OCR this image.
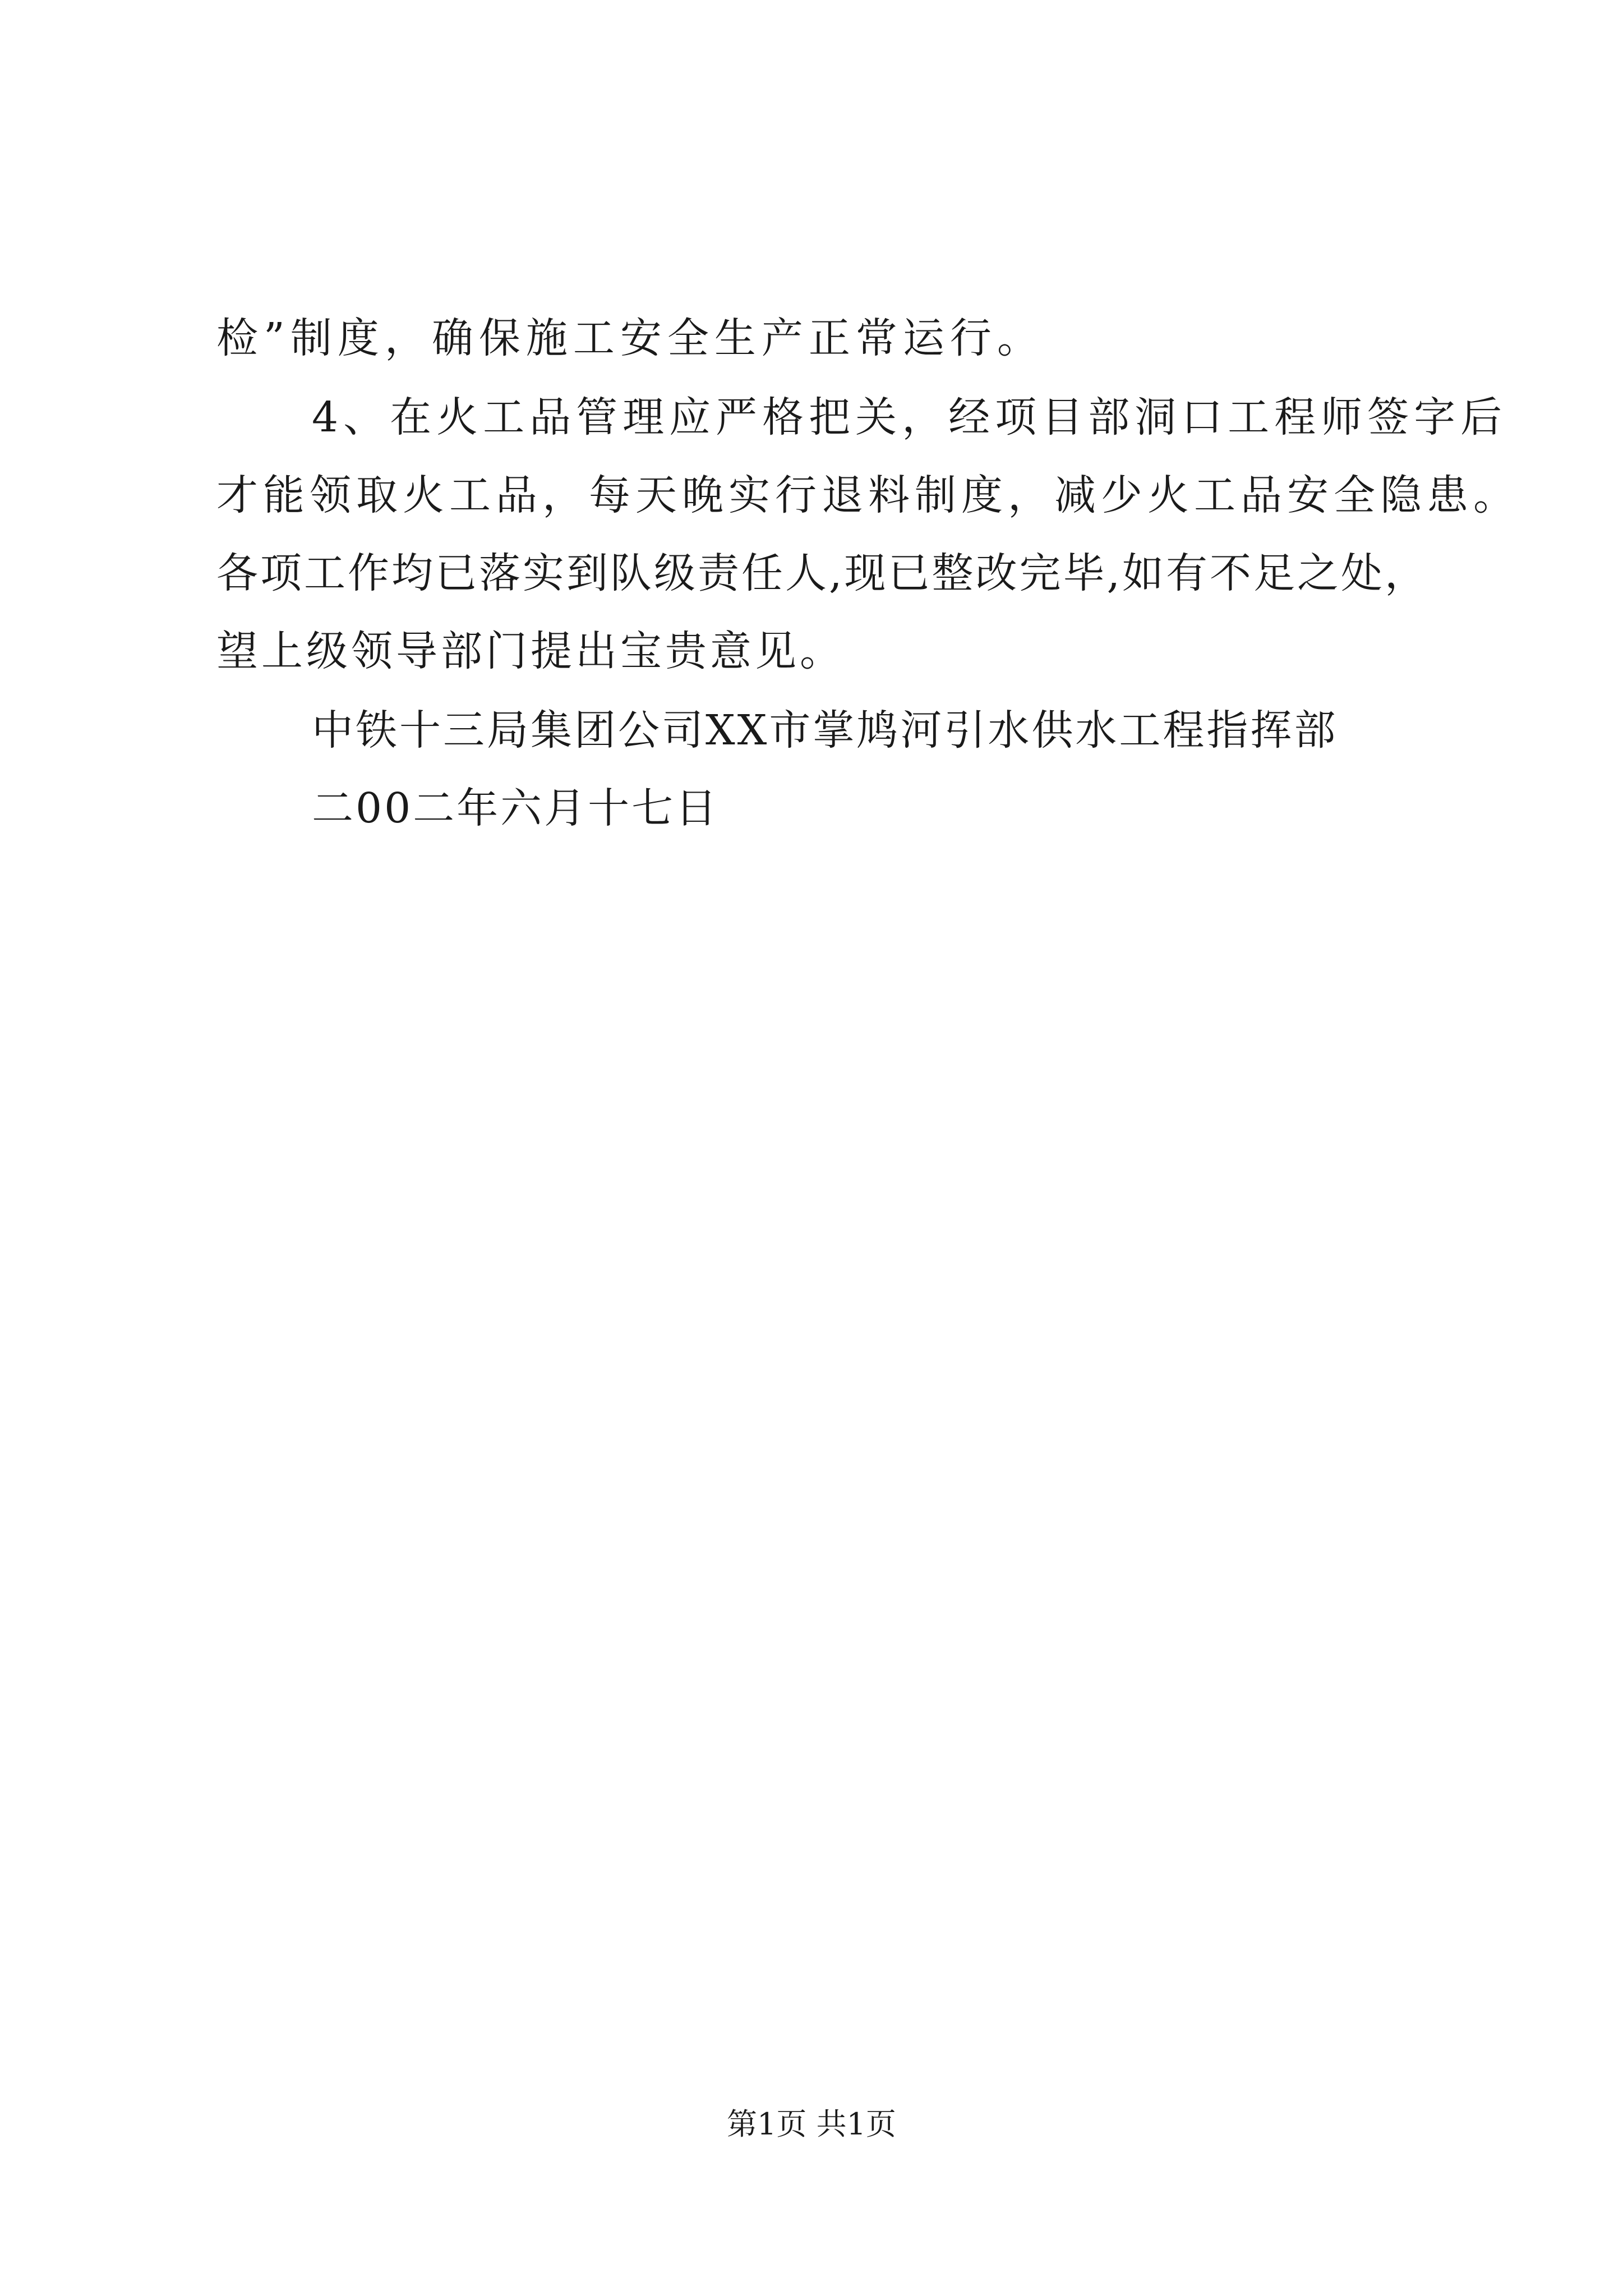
检”制度，确保施工安全生产正常运行。
4、在火工品管理应严格把关，经项目部洞口工程师签字后
才能领取火工品，每天晚实行退料制度，减少火工品安全隐患。
各项工作均已落实到队级责任人,现已整改完毕,如有不足之处，
望上级领导部门提出宝贵意见。
中铁十三局集团公司XX市掌鸠河引水供水工程指挥部
二00二年六月十七日
第1页 共1页
